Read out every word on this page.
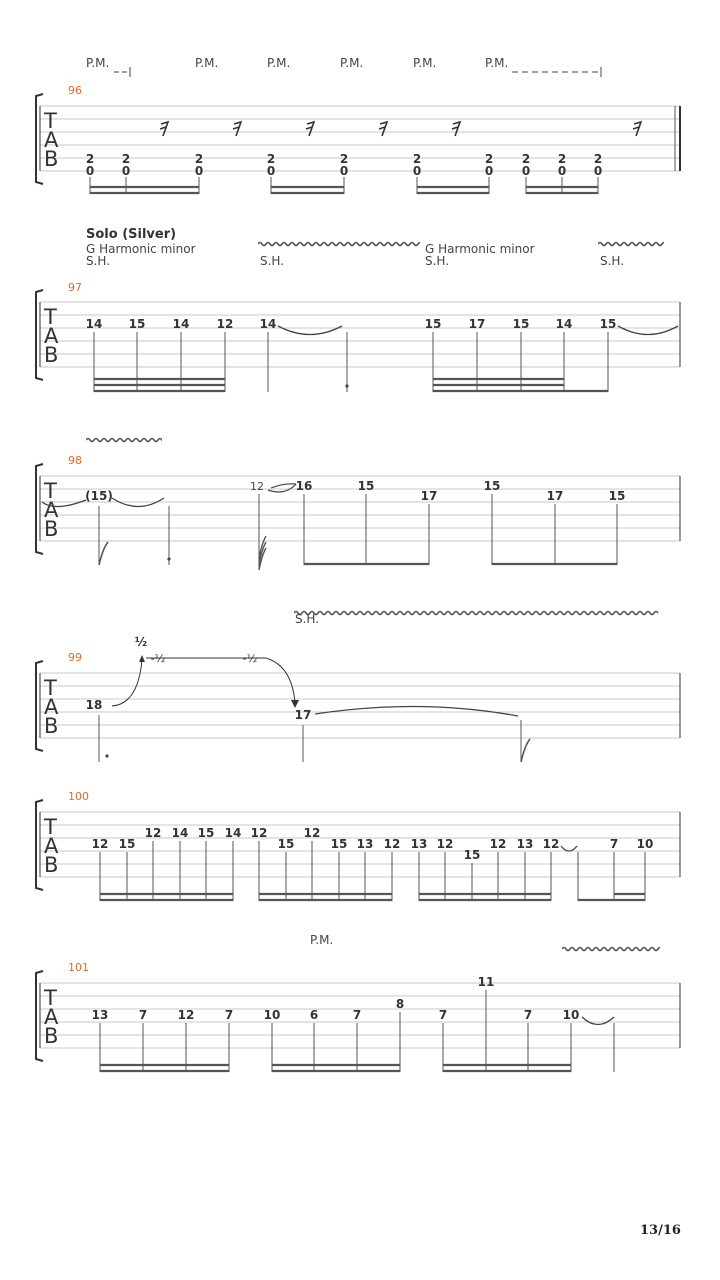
T
A
B
96
P.M.	P.M.	P.M.	P.M.	P.M.	P.M.
2
0
2
0
2
0
2
0
2
0
2
0
2
0
2
0
2
0
2
0
T
A
B
97
Solo (Silver)
G Harmonic minor
S.H.	S.H.
G Harmonic minor
S.H.	S.H.
14 15 14 12 14	15 17 15 14 15
T
A
B
98
(15)
12	16	15
17
15
17	15
T
A
B
99
S.H.
18
17
½
-½	-½
T
A
B
100
12 15
12 14 15 14 12
15
12
15 13 12 13 12
15
12 13 12	7 10
T
A
B
101
P.M.
13	7	12	7	10 6	7
8
7
11
7	10
13/16
